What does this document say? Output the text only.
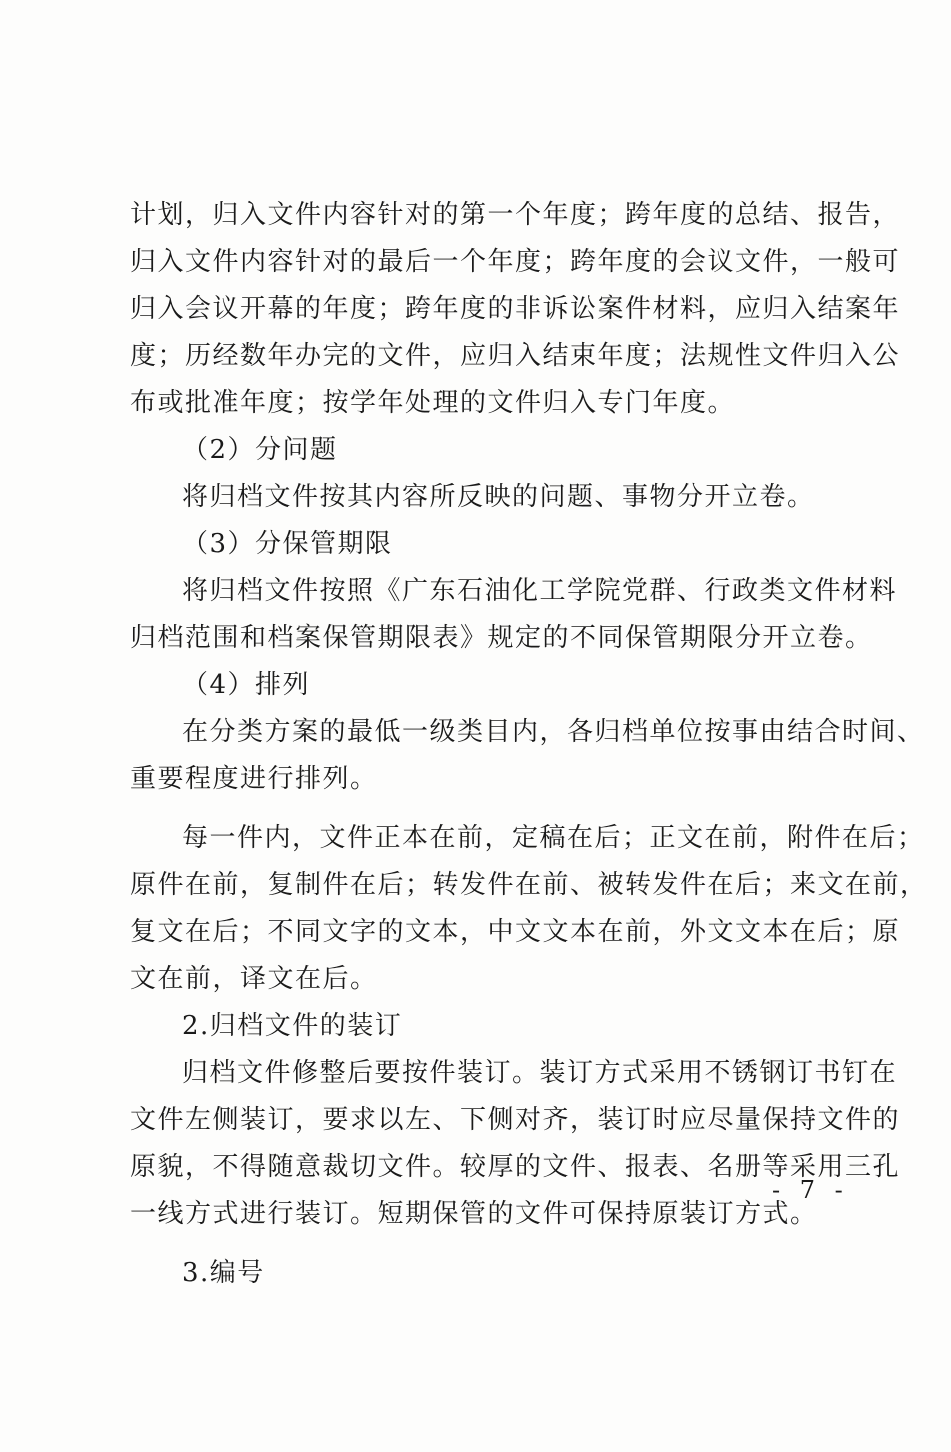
计划，归入文件内容针对的第一个年度；跨年度的总结、报告，
归入文件内容针对的最后一个年度；跨年度的会议文件，一般可
归入会议开幕的年度；跨年度的非诉讼案件材料，应归入结案年
度；历经数年办完的文件，应归入结束年度；法规性文件归入公
布或批准年度；按学年处理的文件归入专门年度。
（2）分问题
将归档文件按其内容所反映的问题、事物分开立卷。
（3）分保管期限
将归档文件按照《广东石油化工学院党群、行政类文件材料
归档范围和档案保管期限表》规定的不同保管期限分开立卷。
（4）排列
在分类方案的最低一级类目内，各归档单位按事由结合时间、
重要程度进行排列。
每一件内，文件正本在前，定稿在后；正文在前，附件在后；
原件在前，复制件在后；转发件在前、被转发件在后；来文在前，
复文在后；不同文字的文本，中文文本在前，外文文本在后；原
文在前，译文在后。
2.归档文件的装订
归档文件修整后要按件装订。装订方式采用不锈钢订书钉在
文件左侧装订，要求以左、下侧对齐，装订时应尽量保持文件的
原貌，不得随意裁切文件。较厚的文件、报表、名册等采用三孔
一线方式进行装订。短期保管的文件可保持原装订方式。
3.编号
- 7 -
